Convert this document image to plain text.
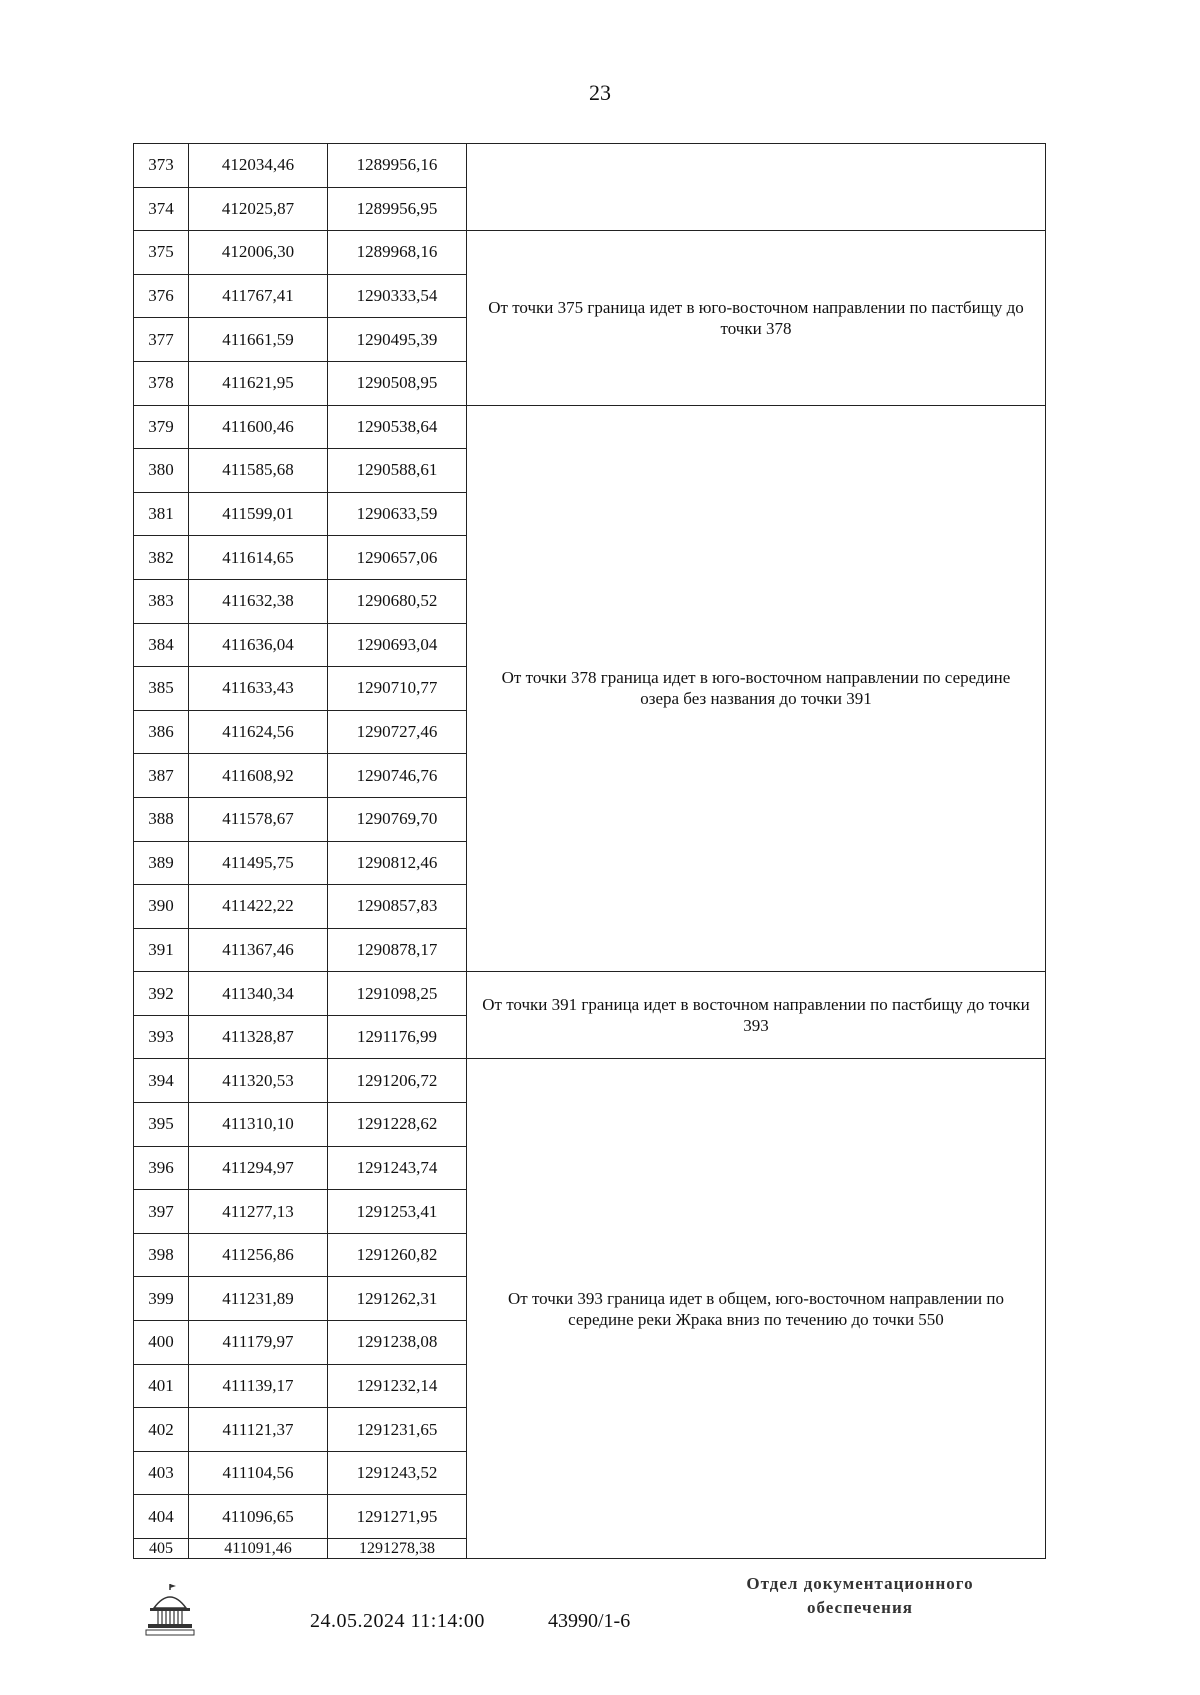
23
373	412034,46	1289956,16	
374	412025,87	1289956,95	
375	412006,30	1289968,16	От точки 375 граница идет в юго-восточном направлении по пастбищу до точки 378
376	411767,41	1290333,54	
377	411661,59	1290495,39	
378	411621,95	1290508,95	
379	411600,46	1290538,64	От точки 378 граница идет в юго-восточном направлении по середине озера без названия до точки 391
380	411585,68	1290588,61	
381	411599,01	1290633,59	
382	411614,65	1290657,06	
383	411632,38	1290680,52	
384	411636,04	1290693,04	
385	411633,43	1290710,77	
386	411624,56	1290727,46	
387	411608,92	1290746,76	
388	411578,67	1290769,70	
389	411495,75	1290812,46	
390	411422,22	1290857,83	
391	411367,46	1290878,17	
392	411340,34	1291098,25	От точки 391 граница идет в восточном направлении по пастбищу до точки 393
393	411328,87	1291176,99	
394	411320,53	1291206,72	От точки 393 граница идет в общем, юго-восточном направлении по середине реки Жрака вниз по течению до точки 550
395	411310,10	1291228,62	
396	411294,97	1291243,74	
397	411277,13	1291253,41	
398	411256,86	1291260,82	
399	411231,89	1291262,31	
400	411179,97	1291238,08	
401	411139,17	1291232,14	
402	411121,37	1291231,65	
403	411104,56	1291243,52	
404	411096,65	1291271,95	
405	411091,46	1291278,38	
24.05.2024 11:14:00	43990/1-6
Отдел документационного
обеспечения
